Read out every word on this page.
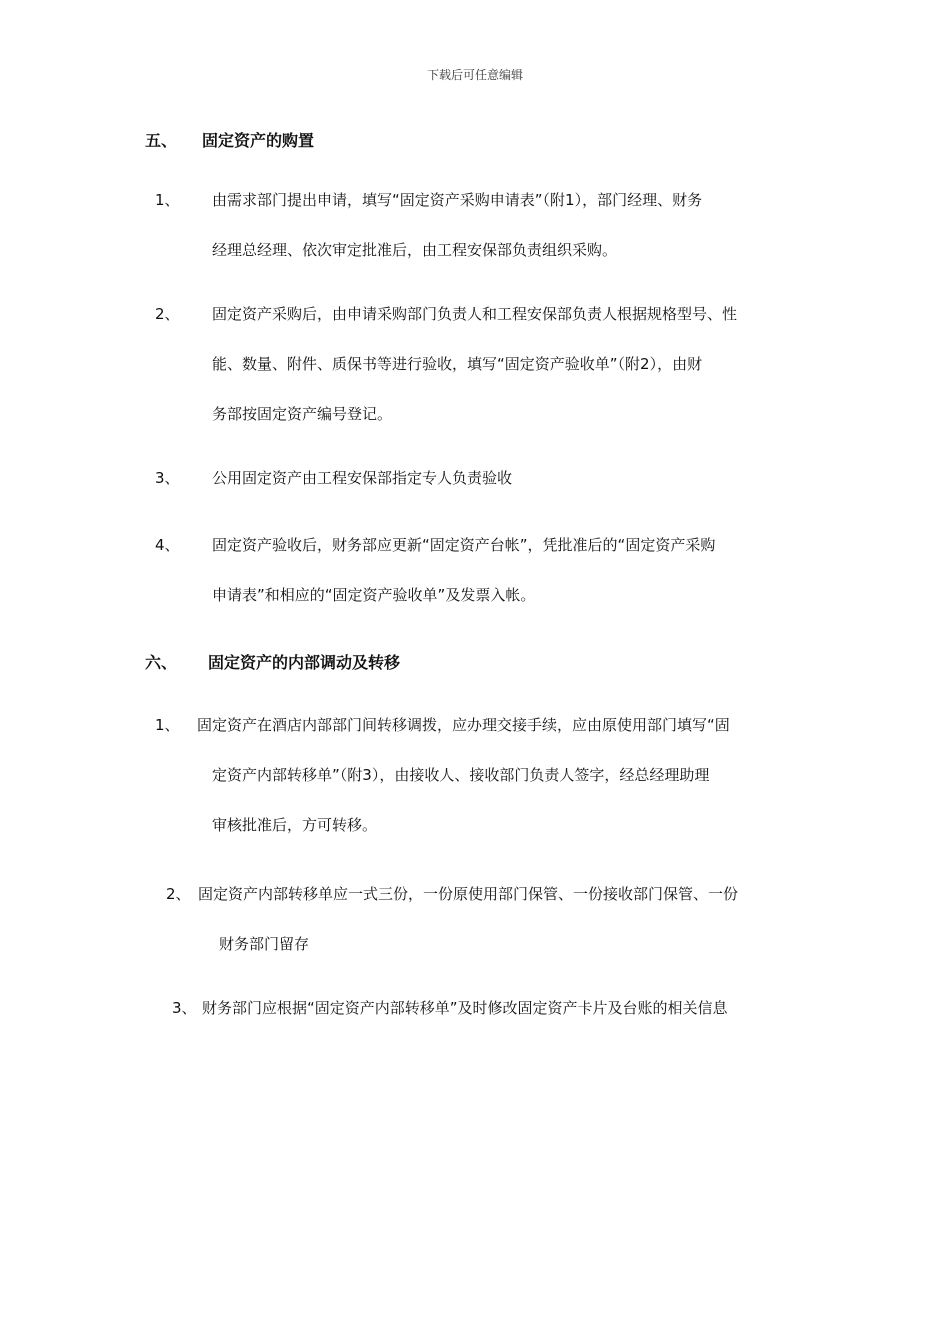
下载后可任意编辑
五、 固定资产的购置
1、 由需求部门提出申请，填写“固定资产采购申请表”（附1），部门经理、财务
经理总经理、依次审定批准后，由工程安保部负责组织采购。
2、 固定资产采购后，由申请采购部门负责人和工程安保部负责人根据规格型号、性
能、数量、附件、质保书等进行验收，填写“固定资产验收单”（附2），由财
务部按固定资产编号登记。
3、 公用固定资产由工程安保部指定专人负责验收
4、 固定资产验收后，财务部应更新“固定资产台帐”，凭批准后的“固定资产采购
申请表”和相应的“固定资产验收单”及发票入帐。
六、 固定资产的内部调动及转移
1、 固定资产在酒店内部部门间转移调拨，应办理交接手续，应由原使用部门填写“固
定资产内部转移单”（附3），由接收人、接收部门负责人签字，经总经理助理
审核批准后，方可转移。
2、 固定资产内部转移单应一式三份，一份原使用部门保管、一份接收部门保管、一份
财务部门留存
3、 财务部门应根据“固定资产内部转移单”及时修改固定资产卡片及台账的相关信息
